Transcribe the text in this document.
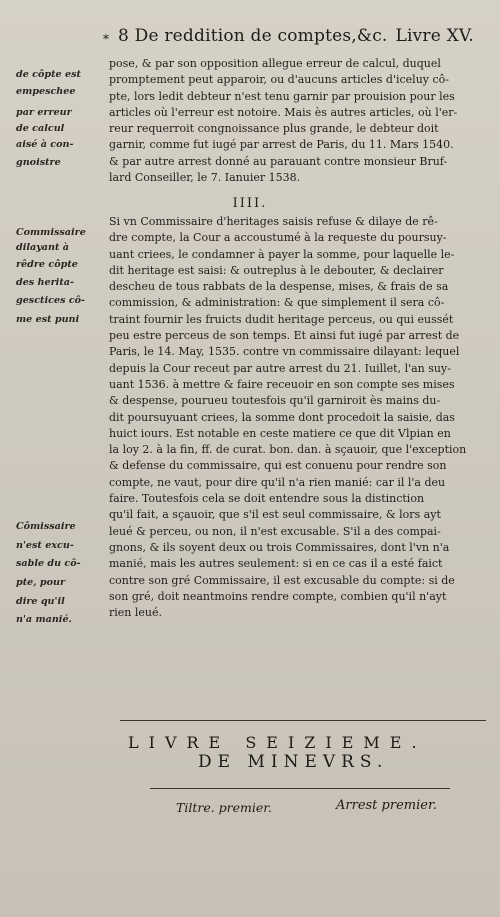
* 8 De reddition de comptes,&c. Livre XV.
de côpte est
empeschee
par erreur
de calcul
aisé à con-
gnoistre
Commissaire
dilayant à
rêdre côpte
des herita-
gesctices cô-
me est puni
Cômissaire
n'est excu-
sable du cô-
pte, pour
dire qu'il
n'a manié.
pose, & par son opposition allegue erreur de calcul, duquel
promptement peut apparoir, ou d'aucuns articles d'iceluy cô-
pte, lors ledit debteur n'est tenu garnir par prouision pour les
articles où l'erreur est notoire. Mais ès autres articles, où l'er-
reur requerroit congnoissance plus grande, le debteur doit
garnir, comme fut iugé par arrest de Paris, du 11. Mars 1540.
& par autre arrest donné au parauant contre monsieur Bruf-
lard Conseiller, le 7. Ianuier 1538.
IIII.
Si vn Commissaire d'heritages saisis refuse & dilaye de rê-
dre compte, la Cour a accoustumé à la requeste du poursuy-
uant criees, le condamner à payer la somme, pour laquelle le-
dit heritage est saisi: & outreplus à le debouter, & declairer
descheu de tous rabbats de la despense, mises, & frais de sa
commission, & administration: & que simplement il sera cô-
traint fournir les fruicts dudit heritage perceus, ou qui eussét
peu estre perceus de son temps. Et ainsi fut iugé par arrest de
Paris, le 14. May, 1535. contre vn commissaire dilayant: lequel
depuis la Cour receut par autre arrest du 21. Iuillet, l'an suy-
uant 1536. à mettre & faire receuoir en son compte ses mises
& despense, pourueu toutesfois qu'il garniroit ès mains du-
dit poursuyuant criees, la somme dont procedoit la saisie, das
huict iours. Est notable en ceste matiere ce que dit Vlpian en
la loy 2. à la fin, ff. de curat. bon. dan. à sçauoir, que l'exception
& defense du commissaire, qui est conuenu pour rendre son
compte, ne vaut, pour dire qu'il n'a rien manié: car il l'a deu
faire. Toutesfois cela se doit entendre sous la distinction
qu'il fait, a sçauoir, que s'il est seul commissaire, & lors ayt
leué & perceu, ou non, il n'est excusable. S'il a des compai-
gnons, & ils soyent deux ou trois Commissaires, dont l'vn n'a
manié, mais les autres seulement: si en ce cas il a esté faict
contre son gré Commissaire, il est excusable du compte: si de
son gré, doit neantmoins rendre compte, combien qu'il n'ayt
rien leué.
LIVRE SEIZIEME.
DE MINEVRS.
Tiltre. premier.	Arrest premier.
